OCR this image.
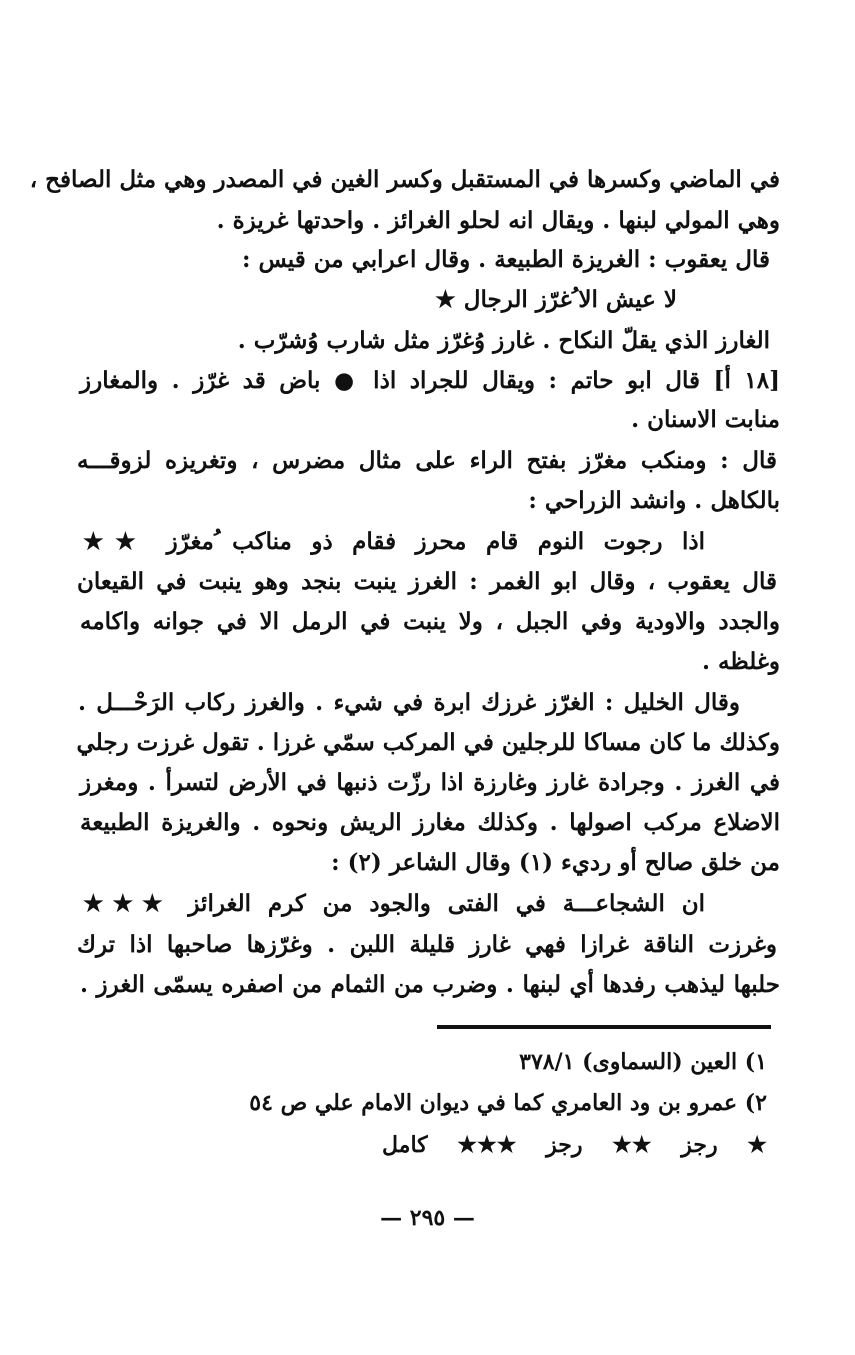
في الماضي وكسرها في المستقبل وكسر الغين في المصدر وهي مثل الصافح ،
وهي المولي لبنها . ويقال انه لحلو الغرائز . واحدتها غريزة .
قال يعقوب : الغريزة الطبيعة . وقال اعرابي من قيس :
لا عيش الا ُغرّز الرجال ★
الغارز الذي يقلّ النكاح . غارز وُغرّز مثل شارب وُشرّب .
[١٨ أ] قال ابو حاتم : ويقال للجراد اذا ● باض قد غرّز . والمغارز
منابت الاسنان .
قال : ومنكب مغرّز بفتح الراء على مثال مضرس ، وتغريزه لزوقـــه
بالكاهل . وانشد الزراحي :
اذا رجوت النوم قام محرز فقام ذو مناكب ُمغرّز ★★
قال يعقوب ، وقال ابو الغمر : الغرز ينبت بنجد وهو ينبت في القيعان
والجدد والاودية وفي الجبل ، ولا ينبت في الرمل الا في جوانه واكامه
وغلظه .
وقال الخليل : الغرّز غرزك ابرة في شيء . والغرز ركاب الرَحْـــل .
وكذلك ما كان مساكا للرجلين في المركب سمّي غرزا . تقول غرزت رجلي
في الغرز . وجرادة غارز وغارزة اذا رزّت ذنبها في الأرض لتسرأ . ومغرز
الاضلاع مركب اصولها . وكذلك مغارز الريش ونحوه . والغريزة الطبيعة
من خلق صالح أو رديء (١) وقال الشاعر (٢) :
ان الشجاعـــة في الفتى والجود من كرم الغرائز ★★★
وغرزت الناقة غرازا فهي غارز قليلة اللبن . وغرّزها صاحبها اذا ترك
حلبها ليذهب رفدها أي لبنها . وضرب من الثمام من اصفره يسمّى الغرز .
١) العين (السماوى) ٣٧٨/١
٢) عمرو بن ود العامري كما في ديوان الامام علي ص ٥٤
★ رجز ★★ رجز ★★★ كامل
— ٢٩٥ —
